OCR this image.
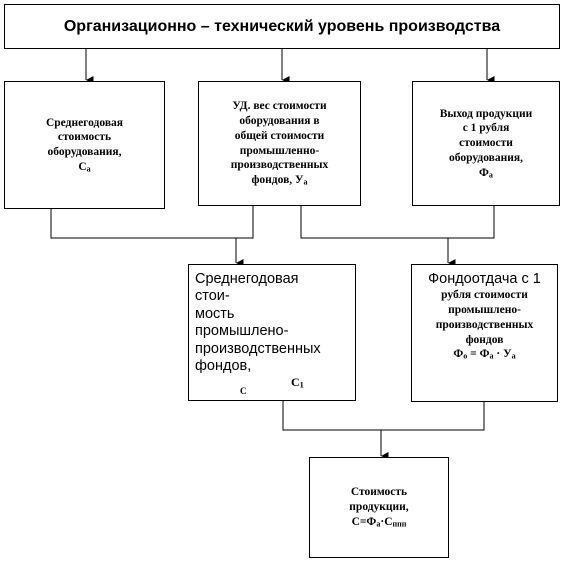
Организационно – технический уровень производства
Среднегодовая
стоимость
оборудования,
$С_a$
УД. вес стоимости
оборудования в
общей стоимости
промышленно-
производственных
фондов, $У_a$
Выход продукции
с 1 рубля
стоимости
оборудования,
$Ф_a$
Среднегодовая
стои-
мость
промышлено-
производственных
фондов,
$С_1$
С
Фондоотдача с 1
рубля стоимости
промышлено-
производственных
фондов
$Ф_о = Ф_a \cdot У_a$
Стоимость
продукции,
$С=Ф_a\cdot С_{ппп}$
